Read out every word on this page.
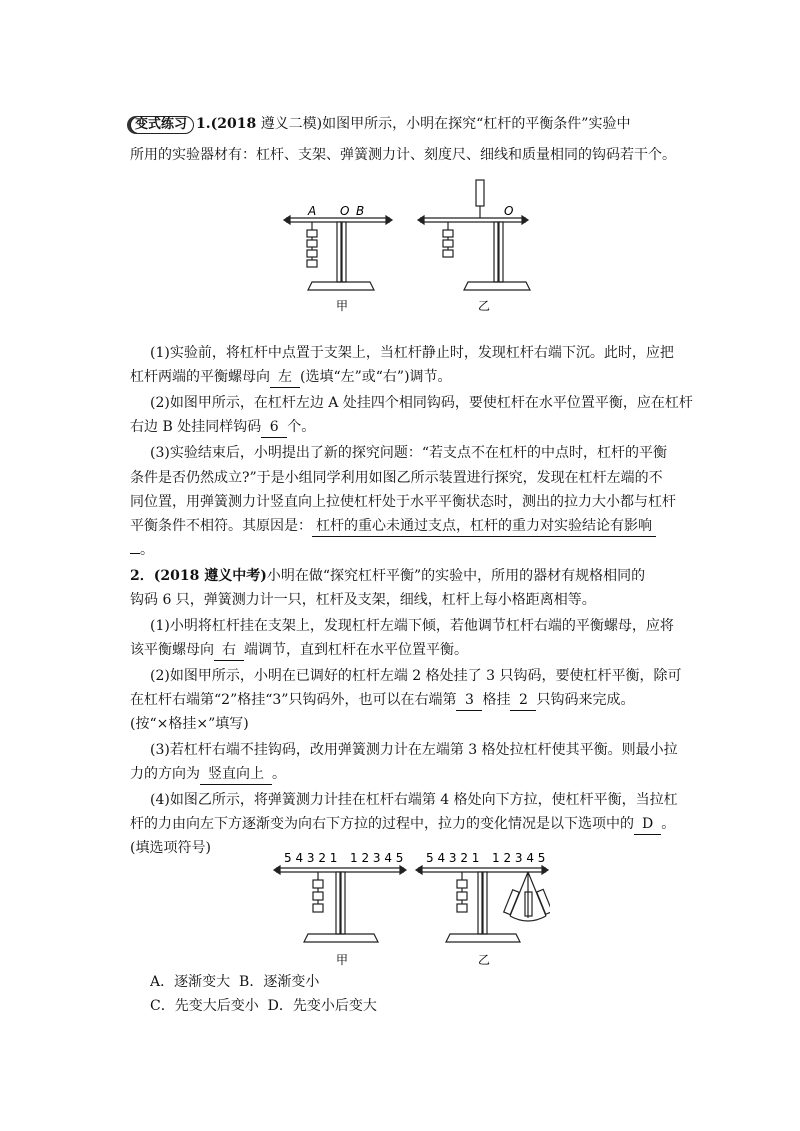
变式练习 1.(2018 遵义二模)如图甲所示，小明在探究“杠杆的平衡条件”实验中
所用的实验器材有：杠杆、支架、弹簧测力计、刻度尺、细线和质量相同的钩码若干个。
A O B	O
甲	乙
(1)实验前，将杠杆中点置于支架上，当杠杆静止时，发现杠杆右端下沉。此时，应把
杠杆两端的平衡螺母向 左 (选填“左”或“右”)调节。
(2)如图甲所示，在杠杆左边 A 处挂四个相同钩码，要使杠杆在水平位置平衡，应在杠杆
右边 B 处挂同样钩码 6 个。
(3)实验结束后，小明提出了新的探究问题：“若支点不在杠杆的中点时，杠杆的平衡
条件是否仍然成立?”于是小组同学利用如图乙所示装置进行探究，发现在杠杆左端的不
同位置，用弹簧测力计竖直向上拉使杠杆处于水平平衡状态时，测出的拉力大小都与杠杆
平衡条件不相符。其原因是： 杠杆的重心未通过支点，杠杆的重力对实验结论有影响
。
2．(2018 遵义中考)小明在做“探究杠杆平衡”的实验中，所用的器材有规格相同的
钩码 6 只，弹簧测力计一只，杠杆及支架，细线，杠杆上每小格距离相等。
(1)小明将杠杆挂在支架上，发现杠杆左端下倾，若他调节杠杆右端的平衡螺母，应将
该平衡螺母向 右 端调节，直到杠杆在水平位置平衡。
(2)如图甲所示，小明在已调好的杠杆左端 2 格处挂了 3 只钩码，要使杠杆平衡，除可
在杠杆右端第“2”格挂“3”只钩码外，也可以在右端第 3 格挂 2 只钩码来完成。
(按“×格挂×”填写)
(3)若杠杆右端不挂钩码，改用弹簧测力计在左端第 3 格处拉杠杆使其平衡。则最小拉
力的方向为 竖直向上 。
(4)如图乙所示，将弹簧测力计挂在杠杆右端第 4 格处向下方拉，使杠杆平衡，当拉杠
杆的力由向左下方逐渐变为向右下方拉的过程中，拉力的变化情况是以下选项中的 D 。
(填选项符号)
5 4 3 2 1 1 2 3 4 5 5 4 3 2 1 1 2 3 4 5
甲	乙
A．逐渐变大 B．逐渐变小
C．先变大后变小 D．先变小后变大
